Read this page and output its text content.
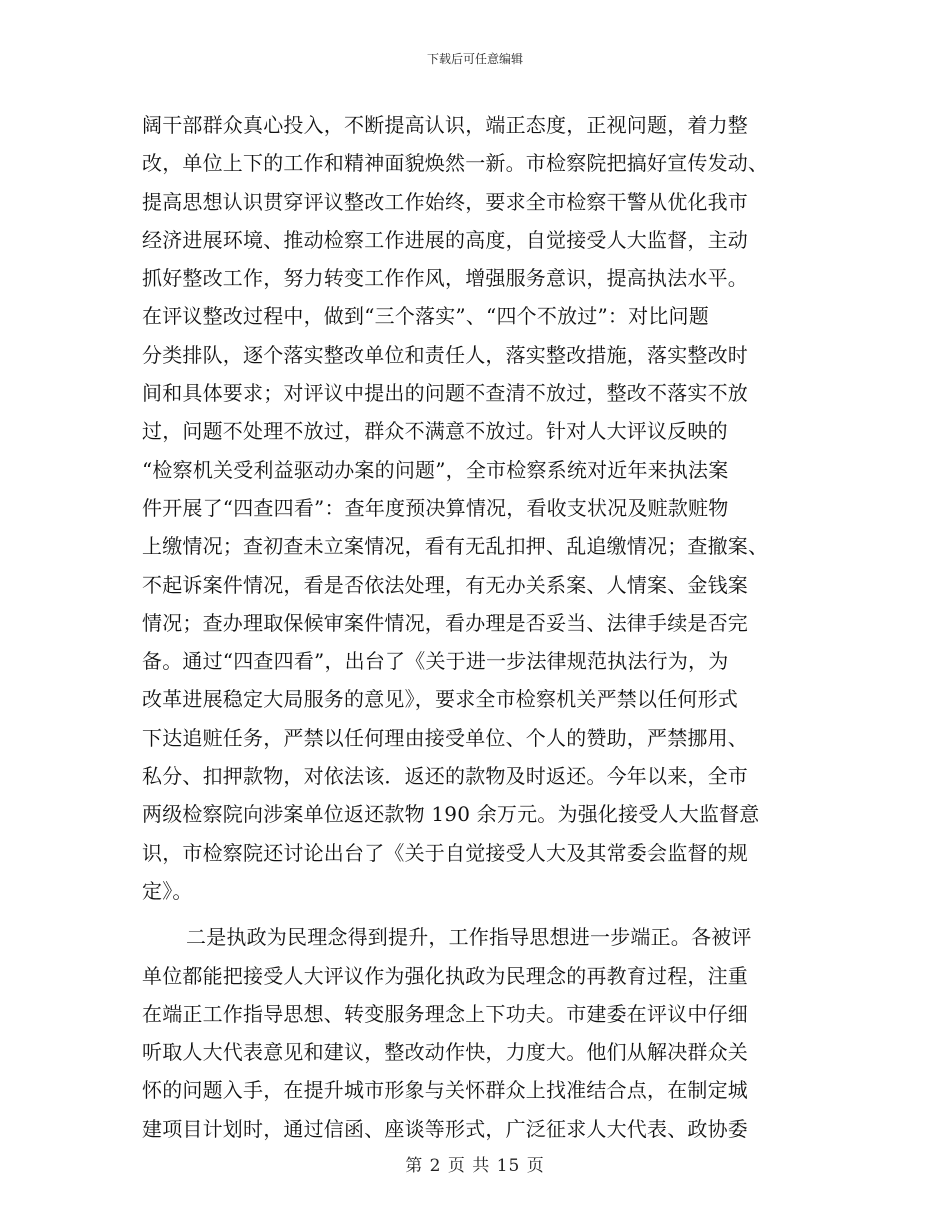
下载后可任意编辑
阔干部群众真心投入，不断提高认识，端正态度，正视问题，着力整
改，单位上下的工作和精神面貌焕然一新。市检察院把搞好宣传发动、
提高思想认识贯穿评议整改工作始终，要求全市检察干警从优化我市
经济进展环境、推动检察工作进展的高度，自觉接受人大监督，主动
抓好整改工作，努力转变工作作风，增强服务意识，提高执法水平。
在评议整改过程中，做到“三个落实”、“四个不放过”：对比问题
分类排队，逐个落实整改单位和责任人，落实整改措施，落实整改时
间和具体要求；对评议中提出的问题不查清不放过，整改不落实不放
过，问题不处理不放过，群众不满意不放过。针对人大评议反映的
“检察机关受利益驱动办案的问题”，全市检察系统对近年来执法案
件开展了“四查四看”：查年度预决算情况，看收支状况及赃款赃物
上缴情况；查初查未立案情况，看有无乱扣押、乱追缴情况；查撤案、
不起诉案件情况，看是否依法处理，有无办关系案、人情案、金钱案
情况；查办理取保候审案件情况，看办理是否妥当、法律手续是否完
备。通过“四查四看”，出台了《关于进一步法律规范执法行为，为
改革进展稳定大局服务的意见》，要求全市检察机关严禁以任何形式
下达追赃任务，严禁以任何理由接受单位、个人的赞助，严禁挪用、
私分、扣押款物，对依法该．返还的款物及时返还。今年以来，全市
两级检察院向涉案单位返还款物 190 余万元。为强化接受人大监督意
识，市检察院还讨论出台了《关于自觉接受人大及其常委会监督的规
定》。
二是执政为民理念得到提升，工作指导思想进一步端正。各被评
单位都能把接受人大评议作为强化执政为民理念的再教育过程，注重
在端正工作指导思想、转变服务理念上下功夫。市建委在评议中仔细
听取人大代表意见和建议，整改动作快，力度大。他们从解决群众关
怀的问题入手，在提升城市形象与关怀群众上找准结合点，在制定城
建项目计划时，通过信函、座谈等形式，广泛征求人大代表、政协委
第 2 页 共 15 页
